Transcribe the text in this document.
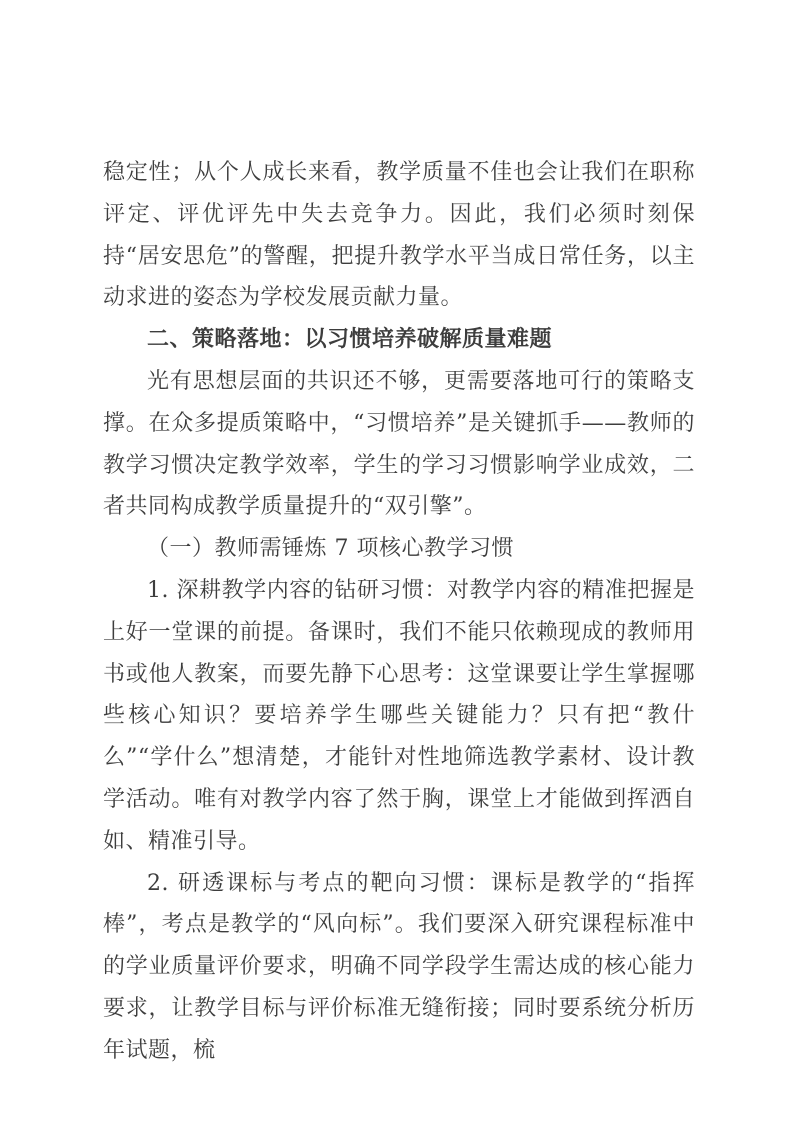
稳定性；从个人成长来看，教学质量不佳也会让我们在职称评定、评优评先中失去竞争力。因此，我们必须时刻保持“居安思危”的警醒，把提升教学水平当成日常任务，以主动求进的姿态为学校发展贡献力量。

二、策略落地：以习惯培养破解质量难题

光有思想层面的共识还不够，更需要落地可行的策略支撑。在众多提质策略中，“习惯培养”是关键抓手——教师的教学习惯决定教学效率，学生的学习习惯影响学业成效，二者共同构成教学质量提升的“双引擎”。

（一）教师需锤炼 7 项核心教学习惯

1. 深耕教学内容的钻研习惯：对教学内容的精准把握是上好一堂课的前提。备课时，我们不能只依赖现成的教师用书或他人教案，而要先静下心思考：这堂课要让学生掌握哪些核心知识？要培养学生哪些关键能力？只有把“教什么”“学什么”想清楚，才能针对性地筛选教学素材、设计教学活动。唯有对教学内容了然于胸，课堂上才能做到挥洒自如、精准引导。

2. 研透课标与考点的靶向习惯：课标是教学的“指挥棒”，考点是教学的“风向标”。我们要深入研究课程标准中的学业质量评价要求，明确不同学段学生需达成的核心能力要求，让教学目标与评价标准无缝衔接；同时要系统分析历年试题，梳
